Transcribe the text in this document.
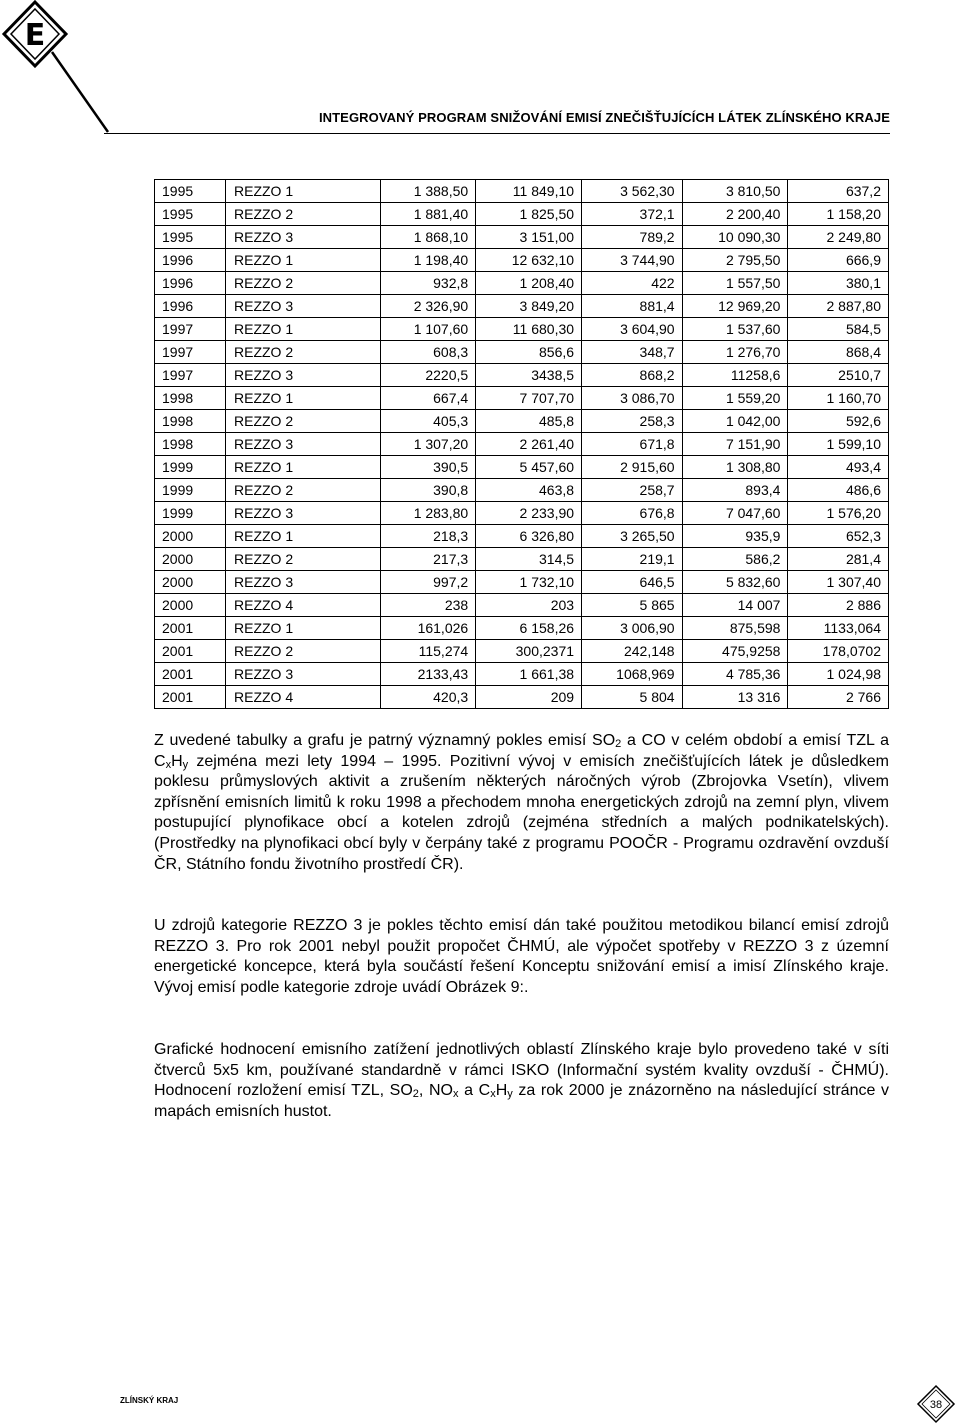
E
INTEGROVANÝ PROGRAM SNIŽOVÁNÍ EMISÍ ZNEČIŠŤUJÍCÍCH LÁTEK ZLÍNSKÉHO KRAJE
1995	REZZO 1	1 388,50	11 849,10	3 562,30	3 810,50	637,2
1995	REZZO 2	1 881,40	1 825,50	372,1	2 200,40	1 158,20
1995	REZZO 3	1 868,10	3 151,00	789,2	10 090,30	2 249,80
1996	REZZO 1	1 198,40	12 632,10	3 744,90	2 795,50	666,9
1996	REZZO 2	932,8	1 208,40	422	1 557,50	380,1
1996	REZZO 3	2 326,90	3 849,20	881,4	12 969,20	2 887,80
1997	REZZO 1	1 107,60	11 680,30	3 604,90	1 537,60	584,5
1997	REZZO 2	608,3	856,6	348,7	1 276,70	868,4
1997	REZZO 3	2220,5	3438,5	868,2	11258,6	2510,7
1998	REZZO 1	667,4	7 707,70	3 086,70	1 559,20	1 160,70
1998	REZZO 2	405,3	485,8	258,3	1 042,00	592,6
1998	REZZO 3	1 307,20	2 261,40	671,8	7 151,90	1 599,10
1999	REZZO 1	390,5	5 457,60	2 915,60	1 308,80	493,4
1999	REZZO 2	390,8	463,8	258,7	893,4	486,6
1999	REZZO 3	1 283,80	2 233,90	676,8	7 047,60	1 576,20
2000	REZZO 1	218,3	6 326,80	3 265,50	935,9	652,3
2000	REZZO 2	217,3	314,5	219,1	586,2	281,4
2000	REZZO 3	997,2	1 732,10	646,5	5 832,60	1 307,40
2000	REZZO 4	238	203	5 865	14 007	2 886
2001	REZZO 1	161,026	6 158,26	3 006,90	875,598	1133,064
2001	REZZO 2	115,274	300,2371	242,148	475,9258	178,0702
2001	REZZO 3	2133,43	1 661,38	1068,969	4 785,36	1 024,98
2001	REZZO 4	420,3	209	5 804	13 316	2 766

Z uvedené tabulky a grafu je patrný významný pokles emisí $SO_2$ a CO v celém období a emisí TZL a $C_xH_y$ zejména mezi lety 1994 – 1995. Pozitivní vývoj v emisích znečišťujících látek je důsledkem poklesu průmyslových aktivit a zrušením některých náročných výrob (Zbrojovka Vsetín), vlivem zpřísnění emisních limitů k roku 1998 a přechodem mnoha energetických zdrojů na zemní plyn, vlivem postupující plynofikace obcí a kotelen zdrojů (zejména středních a malých podnikatelských). (Prostředky na plynofikaci obcí byly v čerpány také z programu POOČR - Programu ozdravění ovzduší ČR, Státního fondu životního prostředí ČR).

U zdrojů kategorie REZZO 3 je pokles těchto emisí dán také použitou metodikou bilancí emisí zdrojů REZZO 3. Pro rok 2001 nebyl použit propočet ČHMÚ, ale výpočet spotřeby v REZZO 3 z územní energetické koncepce, která byla součástí řešení Konceptu snižování emisí a imisí Zlínského kraje. Vývoj emisí podle kategorie zdroje uvádí Obrázek 9:.

Grafické hodnocení emisního zatížení jednotlivých oblastí Zlínského kraje bylo provedeno také v síti čtverců 5x5 km, používané standardně v rámci ISKO (Informační systém kvality ovzduší - ČHMÚ). Hodnocení rozložení emisí TZL, $SO_2$, $NO_x$ a $C_xH_y$ za rok 2000 je znázorněno na následující stránce v mapách emisních hustot.

ZLÍNSKÝ KRAJ	38
